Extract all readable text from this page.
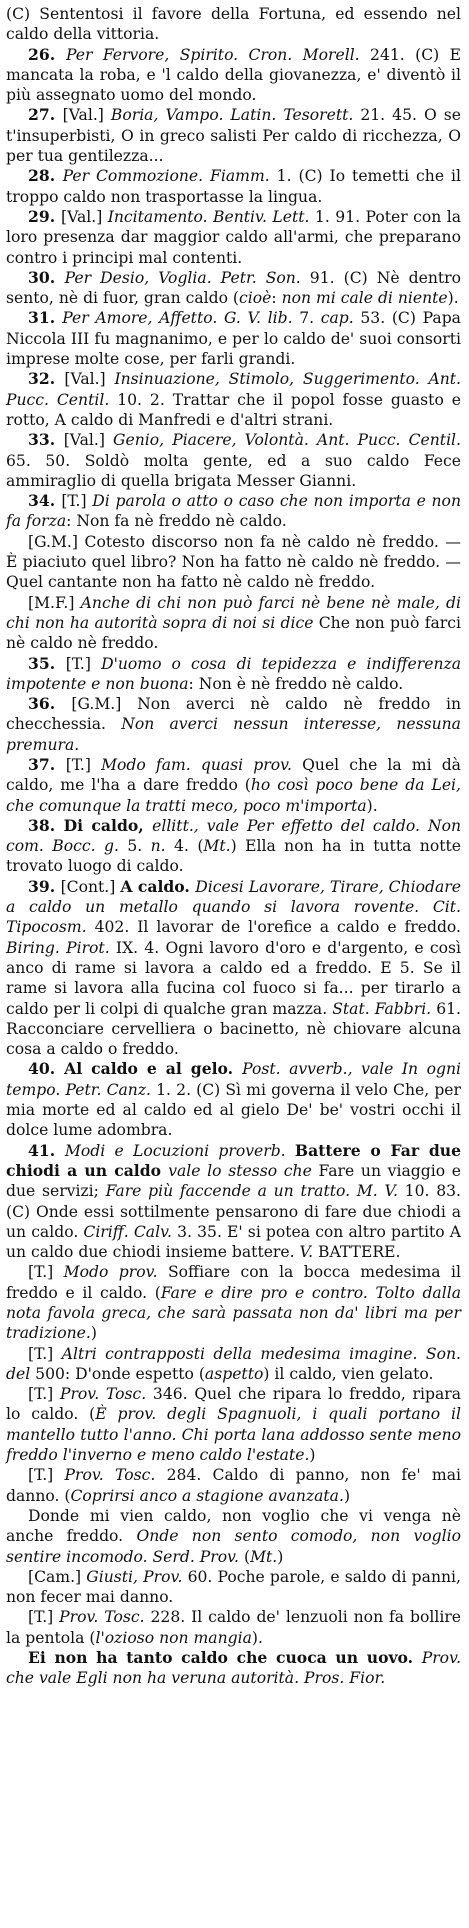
(C) Sententosi il favore della Fortuna, ed essendo nel caldo della vittoria.

26. Per Fervore, Spirito. Cron. Morell. 241. (C) E mancata la roba, e 'l caldo della giovanezza, e' diventò il più assegnato uomo del mondo.

27. [Val.] Boria, Vampo. Latin. Tesorett. 21. 45. O se t'insuperbisti, O in greco salisti Per caldo di ricchezza, O per tua gentilezza...

28. Per Commozione. Fiamm. 1. (C) Io temetti che il troppo caldo non trasportasse la lingua.

29. [Val.] Incitamento. Bentiv. Lett. 1. 91. Poter con la loro presenza dar maggior caldo all'armi, che preparano contro i principi mal contenti.

30. Per Desio, Voglia. Petr. Son. 91. (C) Nè dentro sento, nè di fuor, gran caldo (cioè: non mi cale di niente).

31. Per Amore, Affetto. G. V. lib. 7. cap. 53. (C) Papa Niccola III fu magnanimo, e per lo caldo de' suoi consorti imprese molte cose, per farli grandi.

32. [Val.] Insinuazione, Stimolo, Suggerimento. Ant. Pucc. Centil. 10. 2. Trattar che il popol fosse guasto e rotto, A caldo di Manfredi e d'altri strani.

33. [Val.] Genio, Piacere, Volontà. Ant. Pucc. Centil. 65. 50. Soldò molta gente, ed a suo caldo Fece ammiraglio di quella brigata Messer Gianni.

34. [T.] Di parola o atto o caso che non importa e non fa forza: Non fa nè freddo nè caldo.

[G.M.] Cotesto discorso non fa nè caldo nè freddo. — È piaciuto quel libro? Non ha fatto nè caldo nè freddo. — Quel cantante non ha fatto nè caldo nè freddo.

[M.F.] Anche di chi non può farci nè bene nè male, di chi non ha autorità sopra di noi si dice Che non può farci nè caldo nè freddo.

35. [T.] D'uomo o cosa di tepidezza e indifferenza impotente e non buona: Non è nè freddo nè caldo.

36. [G.M.] Non averci nè caldo nè freddo in checchessia. Non averci nessun interesse, nessuna premura.

37. [T.] Modo fam. quasi prov. Quel che la mi dà caldo, me l'ha a dare freddo (ho così poco bene da Lei, che comunque la tratti meco, poco m'importa).

38. Di caldo, ellitt., vale Per effetto del caldo. Non com. Bocc. g. 5. n. 4. (Mt.) Ella non ha in tutta notte trovato luogo di caldo.

39. [Cont.] A caldo. Dicesi Lavorare, Tirare, Chiodare a caldo un metallo quando si lavora rovente. Cit. Tipocosm. 402. Il lavorar de l'orefice a caldo e freddo. Biring. Pirot. IX. 4. Ogni lavoro d'oro e d'argento, e così anco di rame si lavora a caldo ed a freddo. E 5. Se il rame si lavora alla fucina col fuoco si fa... per tirarlo a caldo per li colpi di qualche gran mazza. Stat. Fabbri. 61. Racconciare cervelliera o bacinetto, nè chiovare alcuna cosa a caldo o freddo.

40. Al caldo e al gelo. Post. avverb., vale In ogni tempo. Petr. Canz. 1. 2. (C) Sì mi governa il velo Che, per mia morte ed al caldo ed al gielo De' be' vostri occhi il dolce lume adombra.

41. Modi e Locuzioni proverb. Battere o Far due chiodi a un caldo vale lo stesso che Fare un viaggio e due servizi; Fare più faccende a un tratto. M. V. 10. 83. (C) Onde essi sottilmente pensarono di fare due chiodi a un caldo. Ciriff. Calv. 3. 35. E' si potea con altro partito A un caldo due chiodi insieme battere. V. BATTERE.

[T.] Modo prov. Soffiare con la bocca medesima il freddo e il caldo. (Fare e dire pro e contro. Tolto dalla nota favola greca, che sarà passata non da' libri ma per tradizione.)

[T.] Altri contrapposti della medesima imagine. Son. del 500: D'onde espetto (aspetto) il caldo, vien gelato.

[T.] Prov. Tosc. 346. Quel che ripara lo freddo, ripara lo caldo. (È prov. degli Spagnuoli, i quali portano il mantello tutto l'anno. Chi porta lana addosso sente meno freddo l'inverno e meno caldo l'estate.)

[T.] Prov. Tosc. 284. Caldo di panno, non fe' mai danno. (Coprirsi anco a stagione avanzata.)

Donde mi vien caldo, non voglio che vi venga nè anche freddo. Onde non sento comodo, non voglio sentire incomodo. Serd. Prov. (Mt.)

[Cam.] Giusti, Prov. 60. Poche parole, e saldo di panni, non fecer mai danno.

[T.] Prov. Tosc. 228. Il caldo de' lenzuoli non fa bollire la pentola (l'ozioso non mangia).

Ei non ha tanto caldo che cuoca un uovo. Prov. che vale Egli non ha veruna autorità. Pros. Fior.
